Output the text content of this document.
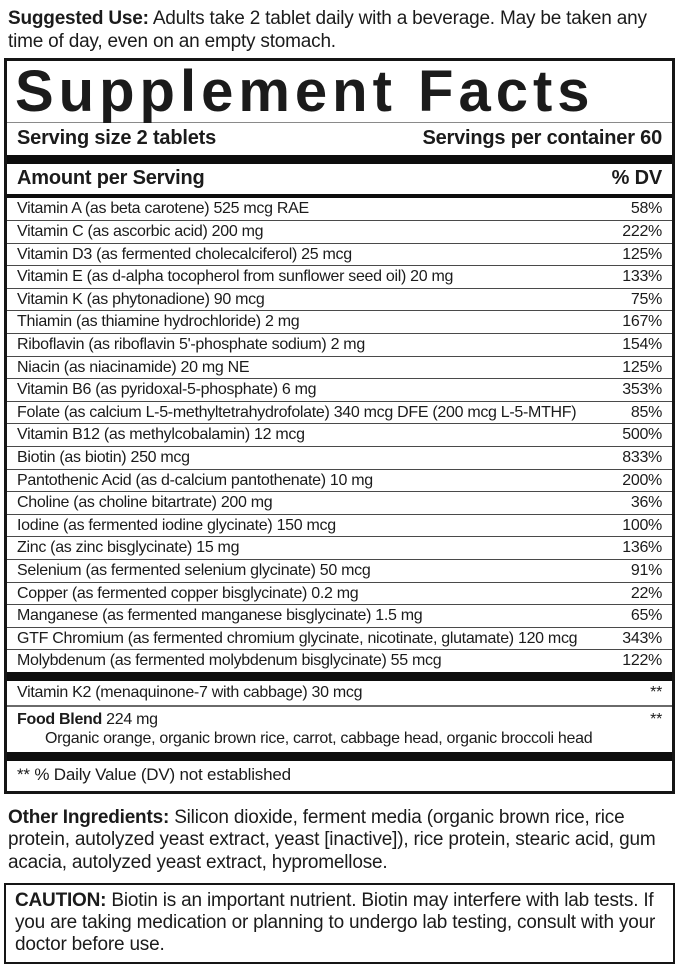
Suggested Use: Adults take 2 tablet daily with a beverage. May be taken any time of day, even on an empty stomach.
Supplement Facts
Serving size 2 tablets	Servings per container 60
Amount per Serving	% DV
Vitamin A (as beta carotene) 525 mcg RAE	58%
Vitamin C (as ascorbic acid) 200 mg	222%
Vitamin D3 (as fermented cholecalciferol) 25 mcg	125%
Vitamin E (as d-alpha tocopherol from sunflower seed oil) 20 mg	133%
Vitamin K (as phytonadione) 90 mcg	75%
Thiamin (as thiamine hydrochloride) 2 mg	167%
Riboflavin (as riboflavin 5'-phosphate sodium) 2 mg	154%
Niacin (as niacinamide) 20 mg NE	125%
Vitamin B6 (as pyridoxal-5-phosphate) 6 mg	353%
Folate (as calcium L-5-methyltetrahydrofolate) 340 mcg DFE (200 mcg L-5-MTHF)	85%
Vitamin B12 (as methylcobalamin) 12 mcg	500%
Biotin (as biotin) 250 mcg	833%
Pantothenic Acid (as d-calcium pantothenate) 10 mg	200%
Choline (as choline bitartrate) 200 mg	36%
Iodine (as fermented iodine glycinate) 150 mcg	100%
Zinc (as zinc bisglycinate) 15 mg	136%
Selenium (as fermented selenium glycinate) 50 mcg	91%
Copper (as fermented copper bisglycinate) 0.2 mg	22%
Manganese (as fermented manganese bisglycinate) 1.5 mg	65%
GTF Chromium (as fermented chromium glycinate, nicotinate, glutamate) 120 mcg	343%
Molybdenum (as fermented molybdenum bisglycinate) 55 mcg	122%
Vitamin K2 (menaquinone-7 with cabbage) 30 mcg	**
Food Blend 224 mg	**
Organic orange, organic brown rice, carrot, cabbage head, organic broccoli head
** % Daily Value (DV) not established
Other Ingredients: Silicon dioxide, ferment media (organic brown rice, rice protein, autolyzed yeast extract, yeast [inactive]), rice protein, stearic acid, gum acacia, autolyzed yeast extract, hypromellose.
CAUTION: Biotin is an important nutrient. Biotin may interfere with lab tests. If you are taking medication or planning to undergo lab testing, consult with your doctor before use.
